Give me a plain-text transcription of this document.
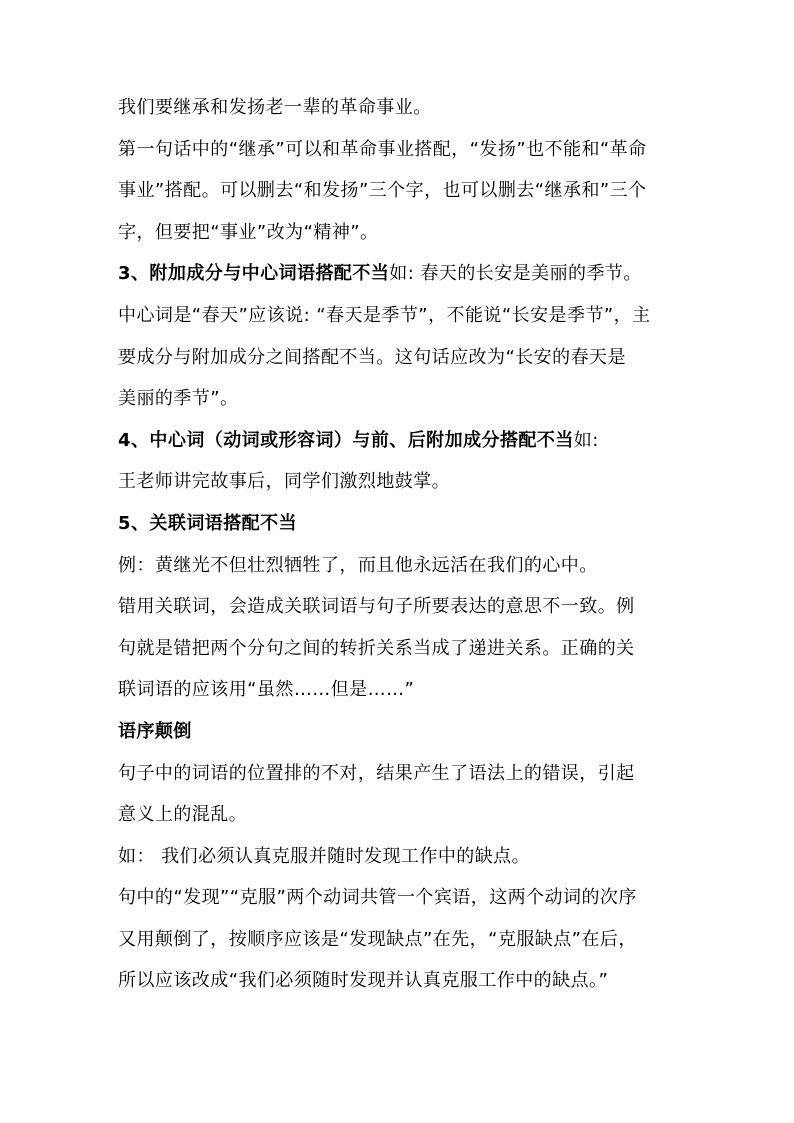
我们要继承和发扬老一辈的革命事业。
第一句话中的“继承”可以和革命事业搭配，“发扬”也不能和“革命
事业”搭配。可以删去“和发扬”三个字，也可以删去“继承和”三个
字，但要把“事业”改为“精神”。
3、附加成分与中心词语搭配不当如: 春天的长安是美丽的季节。
中心词是“春天”应该说: “春天是季节”，不能说“长安是季节”，主
要成分与附加成分之间搭配不当。这句话应改为“长安的春天是
美丽的季节”。
4、中心词（动词或形容词）与前、后附加成分搭配不当如:
王老师讲完故事后，同学们激烈地鼓掌。
5、关联词语搭配不当
例：黄继光不但壮烈牺牲了，而且他永远活在我们的心中。
错用关联词，会造成关联词语与句子所要表达的意思不一致。例
句就是错把两个分句之间的转折关系当成了递进关系。正确的关
联词语的应该用“虽然……但是……”
语序颠倒
句子中的词语的位置排的不对，结果产生了语法上的错误，引起
意义上的混乱。
如： 我们必须认真克服并随时发现工作中的缺点。
句中的“发现”“克服”两个动词共管一个宾语，这两个动词的次序
又用颠倒了，按顺序应该是“发现缺点”在先，“克服缺点”在后，
所以应该改成“我们必须随时发现并认真克服工作中的缺点。”
